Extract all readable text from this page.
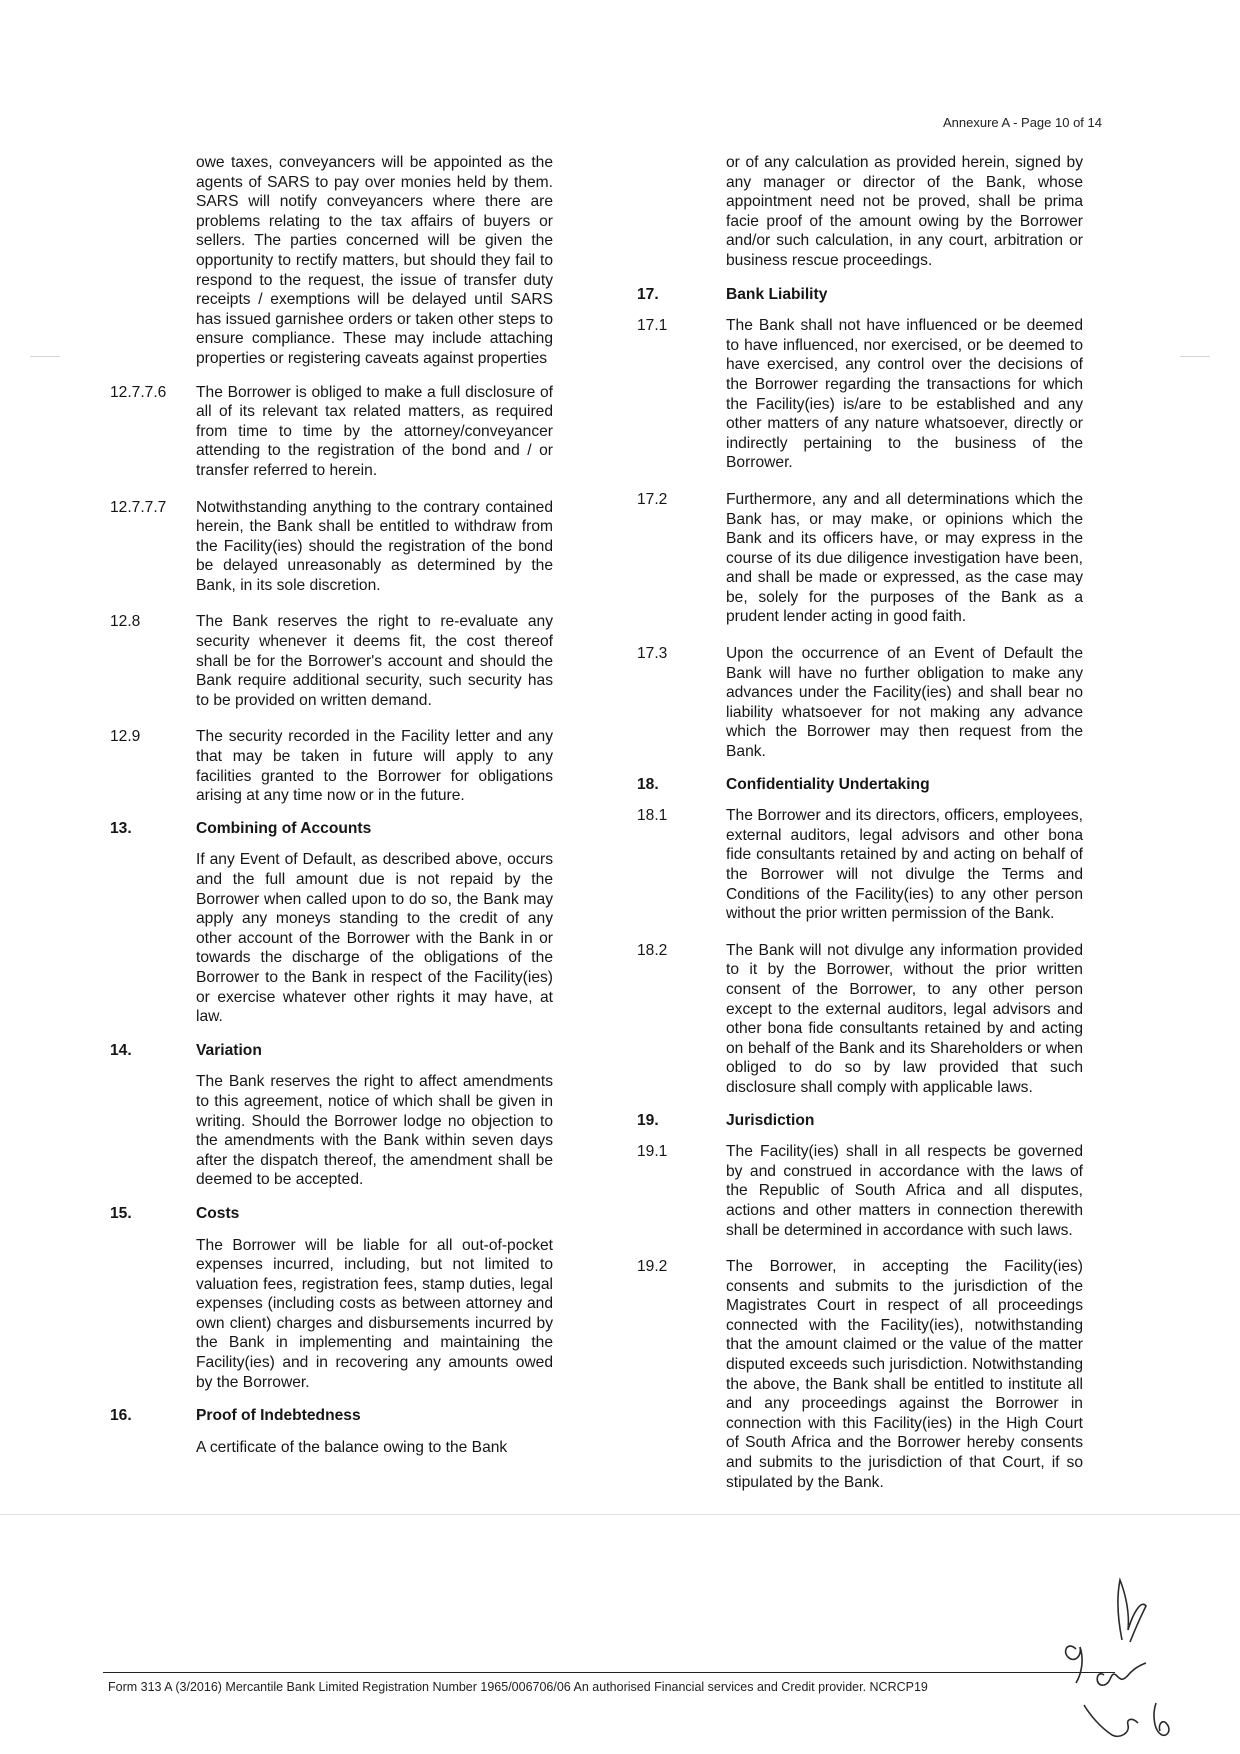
Annexure A - Page 10 of 14
owe taxes, conveyancers will be appointed as the agents of SARS to pay over monies held by them. SARS will notify conveyancers where there are problems relating to the tax affairs of buyers or sellers. The parties concerned will be given the opportunity to rectify matters, but should they fail to respond to the request, the issue of transfer duty receipts / exemptions will be delayed until SARS has issued garnishee orders or taken other steps to ensure compliance. These may include attaching properties or registering caveats against properties
12.7.7.6	The Borrower is obliged to make a full disclosure of all of its relevant tax related matters, as required from time to time by the attorney/conveyancer attending to the registration of the bond and / or transfer referred to herein.

12.7.7.7	Notwithstanding anything to the contrary contained herein, the Bank shall be entitled to withdraw from the Facility(ies) should the registration of the bond be delayed unreasonably as determined by the Bank, in its sole discretion.

12.8	The Bank reserves the right to re-evaluate any security whenever it deems fit, the cost thereof shall be for the Borrower's account and should the Bank require additional security, such security has to be provided on written demand.

12.9	The security recorded in the Facility letter and any that may be taken in future will apply to any facilities granted to the Borrower for obligations arising at any time now or in the future.

13.	Combining of Accounts
If any Event of Default, as described above, occurs and the full amount due is not repaid by the Borrower when called upon to do so, the Bank may apply any moneys standing to the credit of any other account of the Borrower with the Bank in or towards the discharge of the obligations of the Borrower to the Bank in respect of the Facility(ies) or exercise whatever other rights it may have, at law.
14.	Variation
The Bank reserves the right to affect amendments to this agreement, notice of which shall be given in writing. Should the Borrower lodge no objection to the amendments with the Bank within seven days after the dispatch thereof, the amendment shall be deemed to be accepted.
15.	Costs
The Borrower will be liable for all out-of-pocket expenses incurred, including, but not limited to valuation fees, registration fees, stamp duties, legal expenses (including costs as between attorney and own client) charges and disbursements incurred by the Bank in implementing and maintaining the Facility(ies) and in recovering any amounts owed by the Borrower.
16.	Proof of Indebtedness
A certificate of the balance owing to the Bank
or of any calculation as provided herein, signed by any manager or director of the Bank, whose appointment need not be proved, shall be prima facie proof of the amount owing by the Borrower and/or such calculation, in any court, arbitration or business rescue proceedings.
17.	Bank Liability
17.1	The Bank shall not have influenced or be deemed to have influenced, nor exercised, or be deemed to have exercised, any control over the decisions of the Borrower regarding the transactions for which the Facility(ies) is/are to be established and any other matters of any nature whatsoever, directly or indirectly pertaining to the business of the Borrower.

17.2	Furthermore, any and all determinations which the Bank has, or may make, or opinions which the Bank and its officers have, or may express in the course of its due diligence investigation have been, and shall be made or expressed, as the case may be, solely for the purposes of the Bank as a prudent lender acting in good faith.

17.3	Upon the occurrence of an Event of Default the Bank will have no further obligation to make any advances under the Facility(ies) and shall bear no liability whatsoever for not making any advance which the Borrower may then request from the Bank.

18.	Confidentiality Undertaking
18.1	The Borrower and its directors, officers, employees, external auditors, legal advisors and other bona fide consultants retained by and acting on behalf of the Borrower will not divulge the Terms and Conditions of the Facility(ies) to any other person without the prior written permission of the Bank.

18.2	The Bank will not divulge any information provided to it by the Borrower, without the prior written consent of the Borrower, to any other person except to the external auditors, legal advisors and other bona fide consultants retained by and acting on behalf of the Bank and its Shareholders or when obliged to do so by law provided that such disclosure shall comply with applicable laws.

19.	Jurisdiction
19.1	The Facility(ies) shall in all respects be governed by and construed in accordance with the laws of the Republic of South Africa and all disputes, actions and other matters in connection therewith shall be determined in accordance with such laws.

19.2	The Borrower, in accepting the Facility(ies) consents and submits to the jurisdiction of the Magistrates Court in respect of all proceedings connected with the Facility(ies), notwithstanding that the amount claimed or the value of the matter disputed exceeds such jurisdiction. Notwithstanding the above, the Bank shall be entitled to institute all and any proceedings against the Borrower in connection with this Facility(ies) in the High Court of South Africa and the Borrower hereby consents and submits to the jurisdiction of that Court, if so stipulated by the Bank.

Form 313 A (3/2016) Mercantile Bank Limited Registration Number 1965/006706/06 An authorised Financial services and Credit provider. NCRCP19
